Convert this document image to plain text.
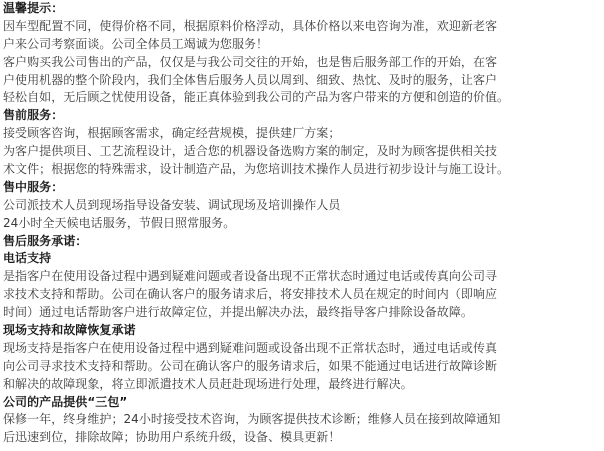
温馨提示：
因车型配置不同，使得价格不同，根据原料价格浮动，具体价格以来电咨询为准，欢迎新老客
户来公司考察面谈。公司全体员工竭诚为您服务！
客户购买我公司售出的产品，仅仅是与我公司交往的开始，也是售后服务部工作的开始，在客
户使用机器的整个阶段内，我们全体售后服务人员以周到、细致、热忱、及时的服务，让客户
轻松自如，无后顾之忧使用设备，能正真体验到我公司的产品为客户带来的方便和创造的价值。
售前服务：
接受顾客咨询，根据顾客需求，确定经营规模，提供建厂方案；
为客户提供项目、工艺流程设计，适合您的机器设备选购方案的制定，及时为顾客提供相关技
术文件；根据您的特殊需求，设计制造产品，为您培训技术操作人员进行初步设计与施工设计。
售中服务：
公司派技术人员到现场指导设备安装、调试现场及培训操作人员
24小时全天候电话服务，节假日照常服务。
售后服务承诺：
电话支持
是指客户在使用设备过程中遇到疑难问题或者设备出现不正常状态时通过电话或传真向公司寻
求技术支持和帮助。公司在确认客户的服务请求后，将安排技术人员在规定的时间内（即响应
时间）通过电话帮助客户进行故障定位，并提出解决办法，最终指导客户排除设备故障。
现场支持和故障恢复承诺
现场支持是指客户在使用设备过程中遇到疑难问题或设备出现不正常状态时，通过电话或传真
向公司寻求技术支持和帮助。公司在确认客户的服务请求后，如果不能通过电话进行故障诊断
和解决的故障现象，将立即派遣技术人员赶赴现场进行处理，最终进行解决。
公司的产品提供“三包”
保修一年，终身维护；24小时接受技术咨询，为顾客提供技术诊断；维修人员在接到故障通知
后迅速到位，排除故障；协助用户系统升级，设备、模具更新！
